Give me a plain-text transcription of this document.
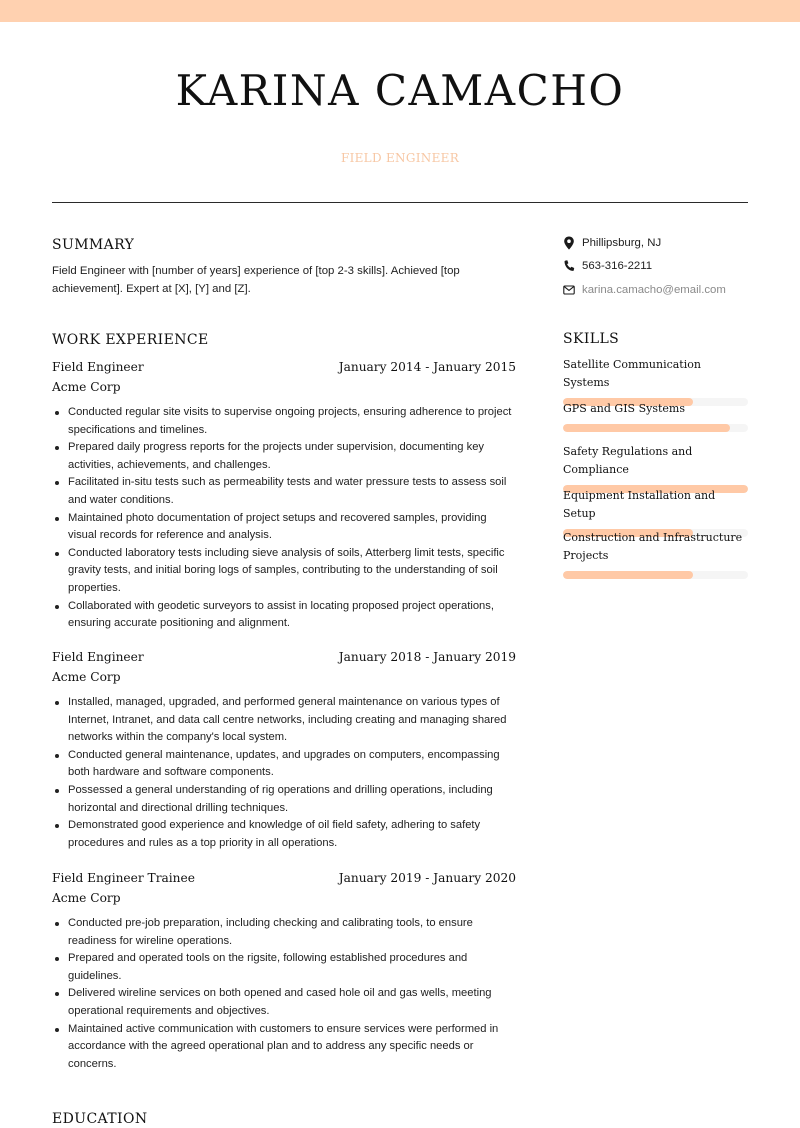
KARINA CAMACHO
FIELD ENGINEER
SUMMARY
Field Engineer with [number of years] experience of [top 2-3 skills]. Achieved [top achievement]. Expert at [X], [Y] and [Z].
WORK EXPERIENCE
Field Engineer	January 2014 - January 2015
Acme Corp
Conducted regular site visits to supervise ongoing projects, ensuring adherence to project specifications and timelines.
Prepared daily progress reports for the projects under supervision, documenting key activities, achievements, and challenges.
Facilitated in-situ tests such as permeability tests and water pressure tests to assess soil and water conditions.
Maintained photo documentation of project setups and recovered samples, providing visual records for reference and analysis.
Conducted laboratory tests including sieve analysis of soils, Atterberg limit tests, specific gravity tests, and initial boring logs of samples, contributing to the understanding of soil properties.
Collaborated with geodetic surveyors to assist in locating proposed project operations, ensuring accurate positioning and alignment.
Field Engineer	January 2018 - January 2019
Acme Corp
Installed, managed, upgraded, and performed general maintenance on various types of Internet, Intranet, and data call centre networks, including creating and managing shared networks within the company's local system.
Conducted general maintenance, updates, and upgrades on computers, encompassing both hardware and software components.
Possessed a general understanding of rig operations and drilling operations, including horizontal and directional drilling techniques.
Demonstrated good experience and knowledge of oil field safety, adhering to safety procedures and rules as a top priority in all operations.
Field Engineer Trainee	January 2019 - January 2020
Acme Corp
Conducted pre-job preparation, including checking and calibrating tools, to ensure readiness for wireline operations.
Prepared and operated tools on the rigsite, following established procedures and guidelines.
Delivered wireline services on both opened and cased hole oil and gas wells, meeting operational requirements and objectives.
Maintained active communication with customers to ensure services were performed in accordance with the agreed operational plan and to address any specific needs or concerns.
EDUCATION
Phillipsburg, NJ
563-316-2211
karina.camacho@email.com
SKILLS
Satellite Communication Systems
GPS and GIS Systems
Safety Regulations and Compliance
Equipment Installation and Setup
Construction and Infrastructure Projects
